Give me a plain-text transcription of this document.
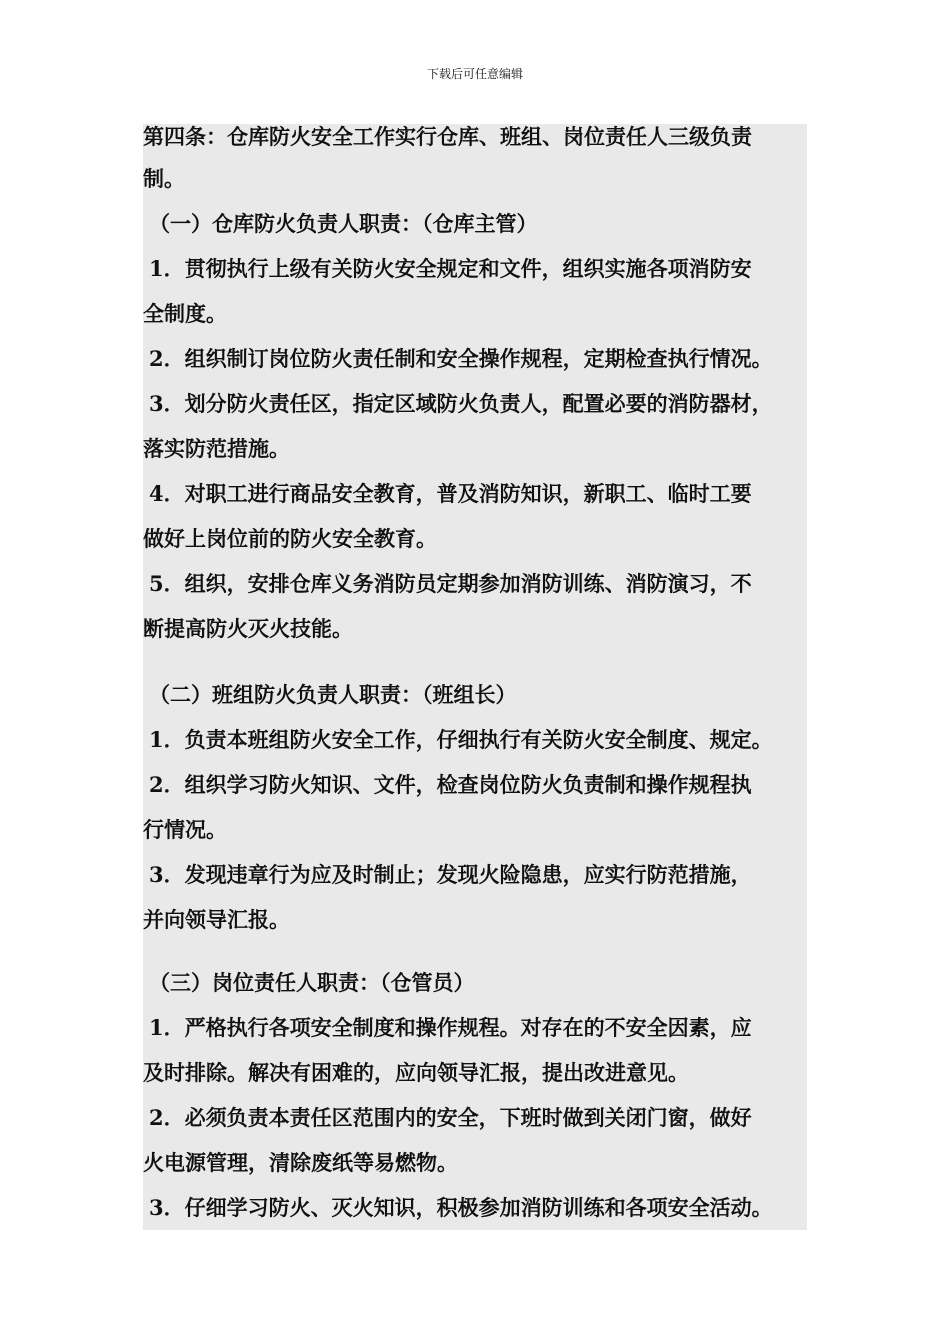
下载后可任意编辑
第四条：仓库防火安全工作实行仓库、班组、岗位责任人三级负责
制。
（一）仓库防火负责人职责：（仓库主管）
1．贯彻执行上级有关防火安全规定和文件，组织实施各项消防安
全制度。
2．组织制订岗位防火责任制和安全操作规程，定期检查执行情况。
3．划分防火责任区，指定区域防火负责人，配置必要的消防器材，
落实防范措施。
4．对职工进行商品安全教育，普及消防知识，新职工、临时工要
做好上岗位前的防火安全教育。
5．组织，安排仓库义务消防员定期参加消防训练、消防演习，不
断提高防火灭火技能。
（二）班组防火负责人职责：（班组长）
1．负责本班组防火安全工作，仔细执行有关防火安全制度、规定。
2．组织学习防火知识、文件，检查岗位防火负责制和操作规程执
行情况。
3．发现违章行为应及时制止；发现火险隐患，应实行防范措施，
并向领导汇报。
（三）岗位责任人职责：（仓管员）
1．严格执行各项安全制度和操作规程。对存在的不安全因素，应
及时排除。解决有困难的，应向领导汇报，提出改进意见。
2．必须负责本责任区范围内的安全，下班时做到关闭门窗，做好
火电源管理，清除废纸等易燃物。
3．仔细学习防火、灭火知识，积极参加消防训练和各项安全活动。
